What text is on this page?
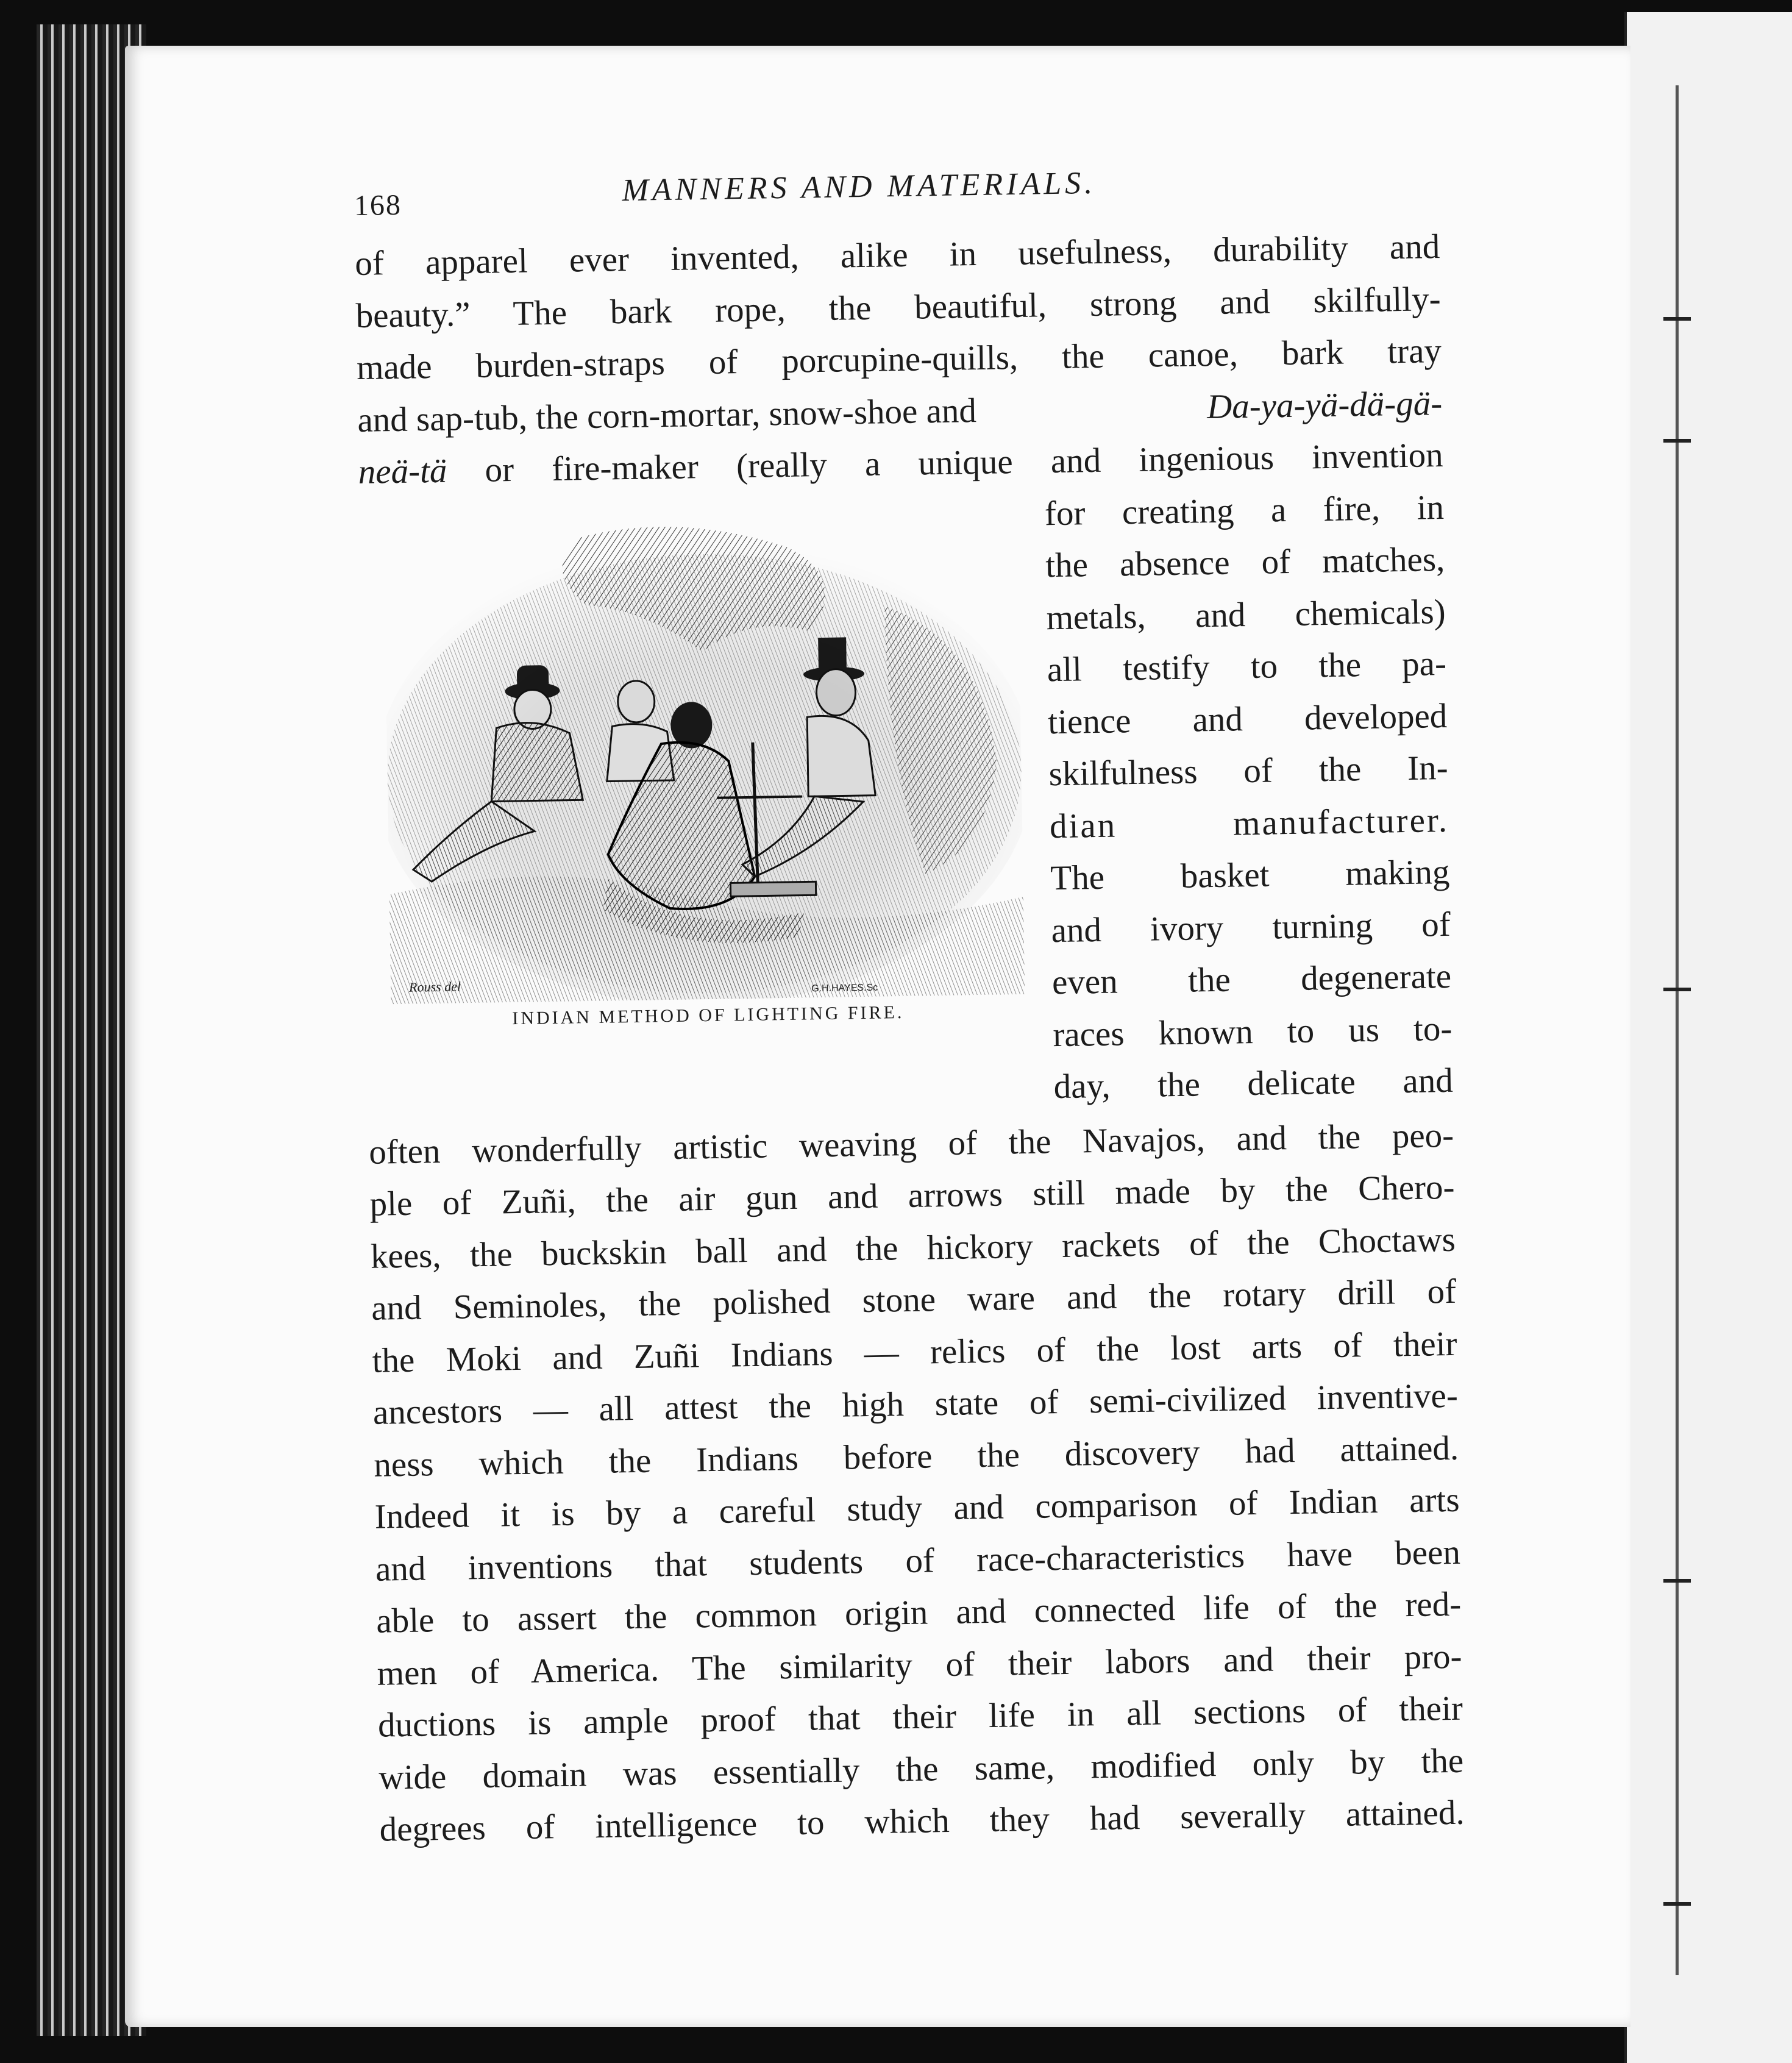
168	MANNERS AND MATERIALS.
of apparel ever invented, alike in usefulness, durability and
beauty.” The bark rope, the beautiful, strong and skilfully-
made burden-straps of porcupine-quills, the canoe, bark tray
and sap-tub, the corn-mortar, snow-shoe and	Da-ya-yä-dä-gä-
neä-tä or fire-maker (really a unique and ingenious invention
Rouss del	G.H.HAYES.Sc
INDIAN METHOD OF LIGHTING FIRE.
for creating a fire, in
the absence of matches,
metals, and chemicals)
all testify to the pa-
tience and developed
skilfulness of the In-
dian manufacturer.
The basket making
and ivory turning of
even the degenerate
races known to us to-
day, the delicate and
often wonderfully artistic weaving of the Navajos, and the peo-
ple of Zuñi, the air gun and arrows still made by the Chero-
kees, the buckskin ball and the hickory rackets of the Choctaws
and Seminoles, the polished stone ware and the rotary drill of
the Moki and Zuñi Indians — relics of the lost arts of their
ancestors — all attest the high state of semi-civilized inventive-
ness which the Indians before the discovery had attained.
Indeed it is by a careful study and comparison of Indian arts
and inventions that students of race-characteristics have been
able to assert the common origin and connected life of the red-
men of America. The similarity of their labors and their pro-
ductions is ample proof that their life in all sections of their
wide domain was essentially the same, modified only by the
degrees of intelligence to which they had severally attained.
